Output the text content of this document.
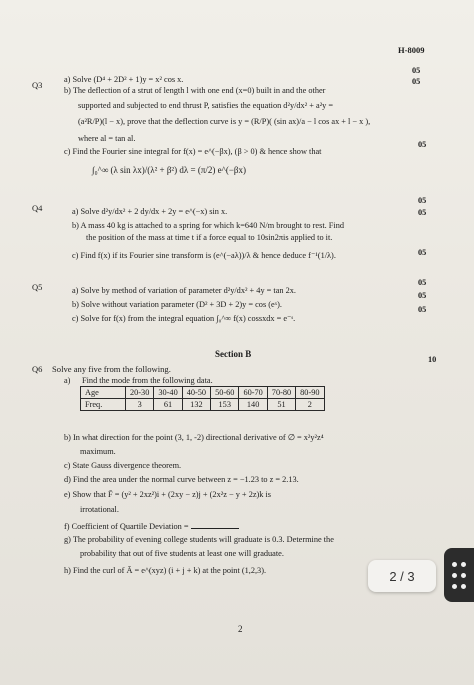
H-8009
Q3
a) Solve (D⁴ + 2D² + 1)y = x² cos x.
05
b) The deflection of a strut of length l with one end (x=0) built in and the other
05
supported and subjected to end thrust P, satisfies the equation d²y/dx² + a²y =
(a²R/P)(l − x), prove that the deflection curve is y = (R/P)( (sin ax)/a − l cos ax + l − x ),
where al = tan al.
c) Find the Fourier sine integral for f(x) = e^(−βx), (β > 0) & hence show that
05
∫₀^∞ (λ sin λx)/(λ² + β²) dλ = (π/2) e^(−βx)
Q4	a) Solve d²y/dx² + 2 dy/dx + 2y = e^(−x) sin x.
05
b) A mass 40 kg is attached to a spring for which k=640 N/m brought to rest. Find
05
the position of the mass at time t if a force equal to 10sin2πis applied to it.
c) Find f(x) if its Fourier sine transform is (e^(−aλ))/λ & hence deduce f⁻¹(1/λ).	05
Q5	a) Solve by method of variation of parameter d²y/dx² + 4y = tan 2x.
05
b) Solve without variation parameter (D² + 3D + 2)y = cos (eˣ).
05
c) Solve for f(x) from the integral equation ∫₀^∞ f(x) cossxdx = e⁻ˢ.
05
Section B
Q6 Solve any five from the following.
10
a) Find the mode from the following data.
Age	20-30	30-40	40-50	50-60	60-70	70-80	80-90
Freq.	3	61	132	153	140	51	2
b) In what direction for the point (3, 1, -2) directional derivative of ∅ = x²y²z⁴
maximum.
c) State Gauss divergence theorem.
d) Find the area under the normal curve between z = −1.23 to z = 2.13.
e) Show that F̄ = (y² + 2xz²)i + (2xy − z)j + (2x²z − y + 2z)k is
irrotational.
f) Coefficient of Quartile Deviation =
g) The probability of evening college students will graduate is 0.3. Determine the
probability that out of five students at least one will graduate.
h) Find the curl of Ā = e^(xyz) (i + j + k) at the point (1,2,3).
2
2 / 3
